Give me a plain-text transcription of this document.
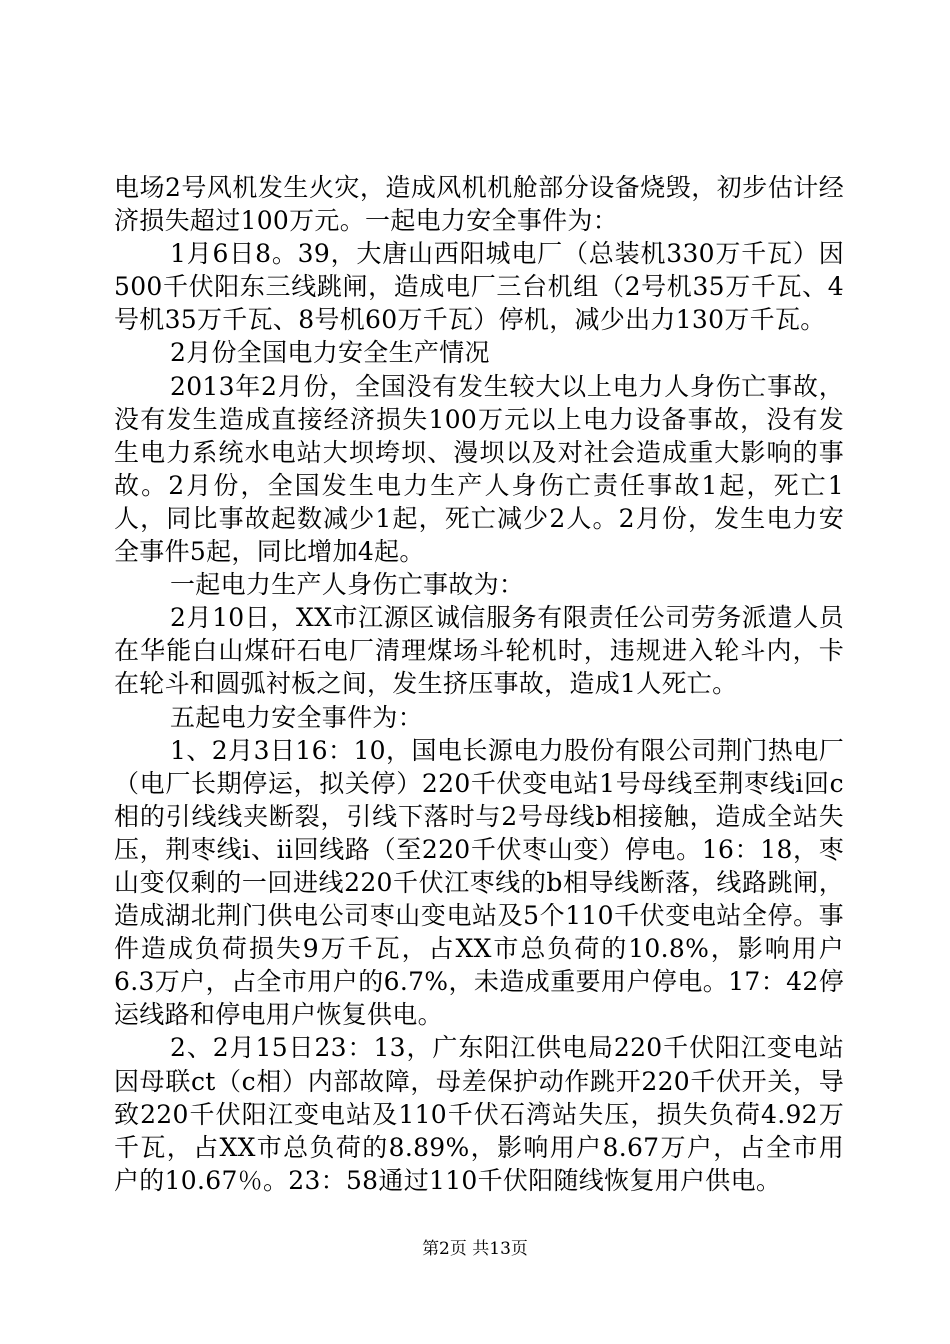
电场2号风机发生火灾，造成风机机舱部分设备烧毁，初步估计经济损失超过100万元。一起电力安全事件为：

1月6日8。39，大唐山西阳城电厂（总装机330万千瓦）因500千伏阳东三线跳闸，造成电厂三台机组（2号机35万千瓦、4号机35万千瓦、8号机60万千瓦）停机，减少出力130万千瓦。

2月份全国电力安全生产情况

2013年2月份，全国没有发生较大以上电力人身伤亡事故，没有发生造成直接经济损失100万元以上电力设备事故，没有发生电力系统水电站大坝垮坝、漫坝以及对社会造成重大影响的事故。2月份，全国发生电力生产人身伤亡责任事故1起，死亡1人，同比事故起数减少1起，死亡减少2人。2月份，发生电力安全事件5起，同比增加4起。

一起电力生产人身伤亡事故为：

2月10日，XX市江源区诚信服务有限责任公司劳务派遣人员在华能白山煤矸石电厂清理煤场斗轮机时，违规进入轮斗内，卡在轮斗和圆弧衬板之间，发生挤压事故，造成1人死亡。

五起电力安全事件为：

1、2月3日16：10，国电长源电力股份有限公司荆门热电厂（电厂长期停运，拟关停）220千伏变电站1号母线至荆枣线i回c相的引线线夹断裂，引线下落时与2号母线b相接触，造成全站失压，荆枣线i、ii回线路（至220千伏枣山变）停电。16：18，枣山变仅剩的一回进线220千伏江枣线的b相导线断落，线路跳闸，造成湖北荆门供电公司枣山变电站及5个110千伏变电站全停。事件造成负荷损失9万千瓦，占XX市总负荷的10.8%，影响用户6.3万户，占全市用户的6.7%，未造成重要用户停电。17：42停运线路和停电用户恢复供电。

2、2月15日23：13，广东阳江供电局220千伏阳江变电站因母联ct（c相）内部故障，母差保护动作跳开220千伏开关，导致220千伏阳江变电站及110千伏石湾站失压，损失负荷4.92万千瓦，占XX市总负荷的8.89%，影响用户8.67万户，占全市用户的10.67％。23：58通过110千伏阳随线恢复用户供电。

第2页 共13页
